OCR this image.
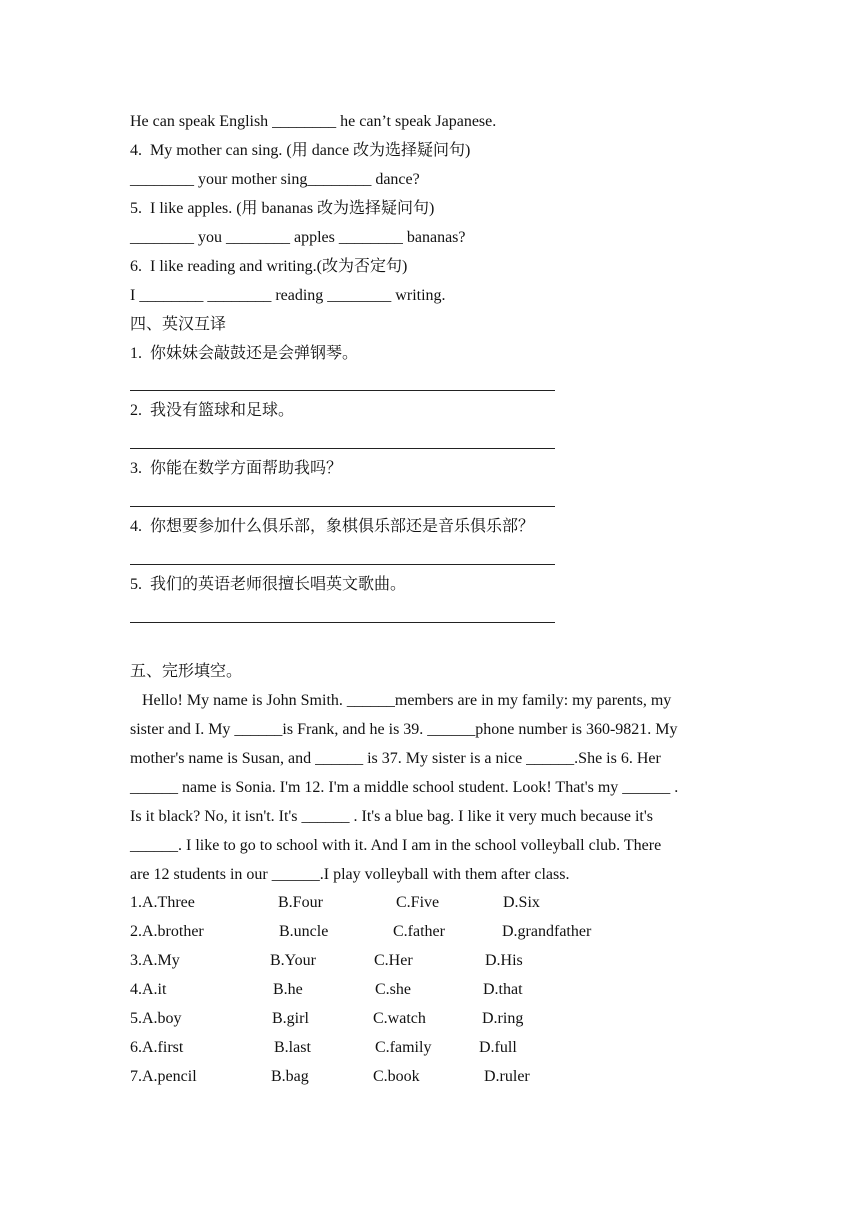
He can speak English ________ he can’t speak Japanese.
4.  My mother can sing. (用 dance 改为选择疑问句)
________ your mother sing________ dance?
5.  I like apples. (用 bananas 改为选择疑问句)
________ you ________ apples ________ bananas?
6.  I like reading and writing.(改为否定句)
I ________ ________ reading ________ writing.
四、英汉互译
1.  你妹妹会敲鼓还是会弹钢琴。
2.  我没有篮球和足球。
3.  你能在数学方面帮助我吗？
4.  你想要参加什么俱乐部，象棋俱乐部还是音乐俱乐部？
5.  我们的英语老师很擅长唱英文歌曲。
五、完形填空。
Hello! My name is John Smith. ______members are in my family: my parents, my
sister and I. My ______is Frank, and he is 39. ______phone number is 360-9821. My
mother's name is Susan, and ______ is 37. My sister is a nice ______.She is 6. Her
______ name is Sonia. I'm 12. I'm a middle school student. Look! That's my ______ .
Is it black? No, it isn't. It's ______ . It's a blue bag. I like it very much because it's
______. I like to go to school with it. And I am in the school volleyball club. There
are 12 students in our ______.I play volleyball with them after class.
1.A.Three	B.Four	C.Five	D.Six
2.A.brother	B.uncle	C.father	D.grandfather
3.A.My	B.Your	C.Her	D.His
4.A.it	B.he	C.she	D.that
5.A.boy	B.girl	C.watch	D.ring
6.A.first	B.last	C.family	D.full
7.A.pencil	B.bag	C.book	D.ruler
